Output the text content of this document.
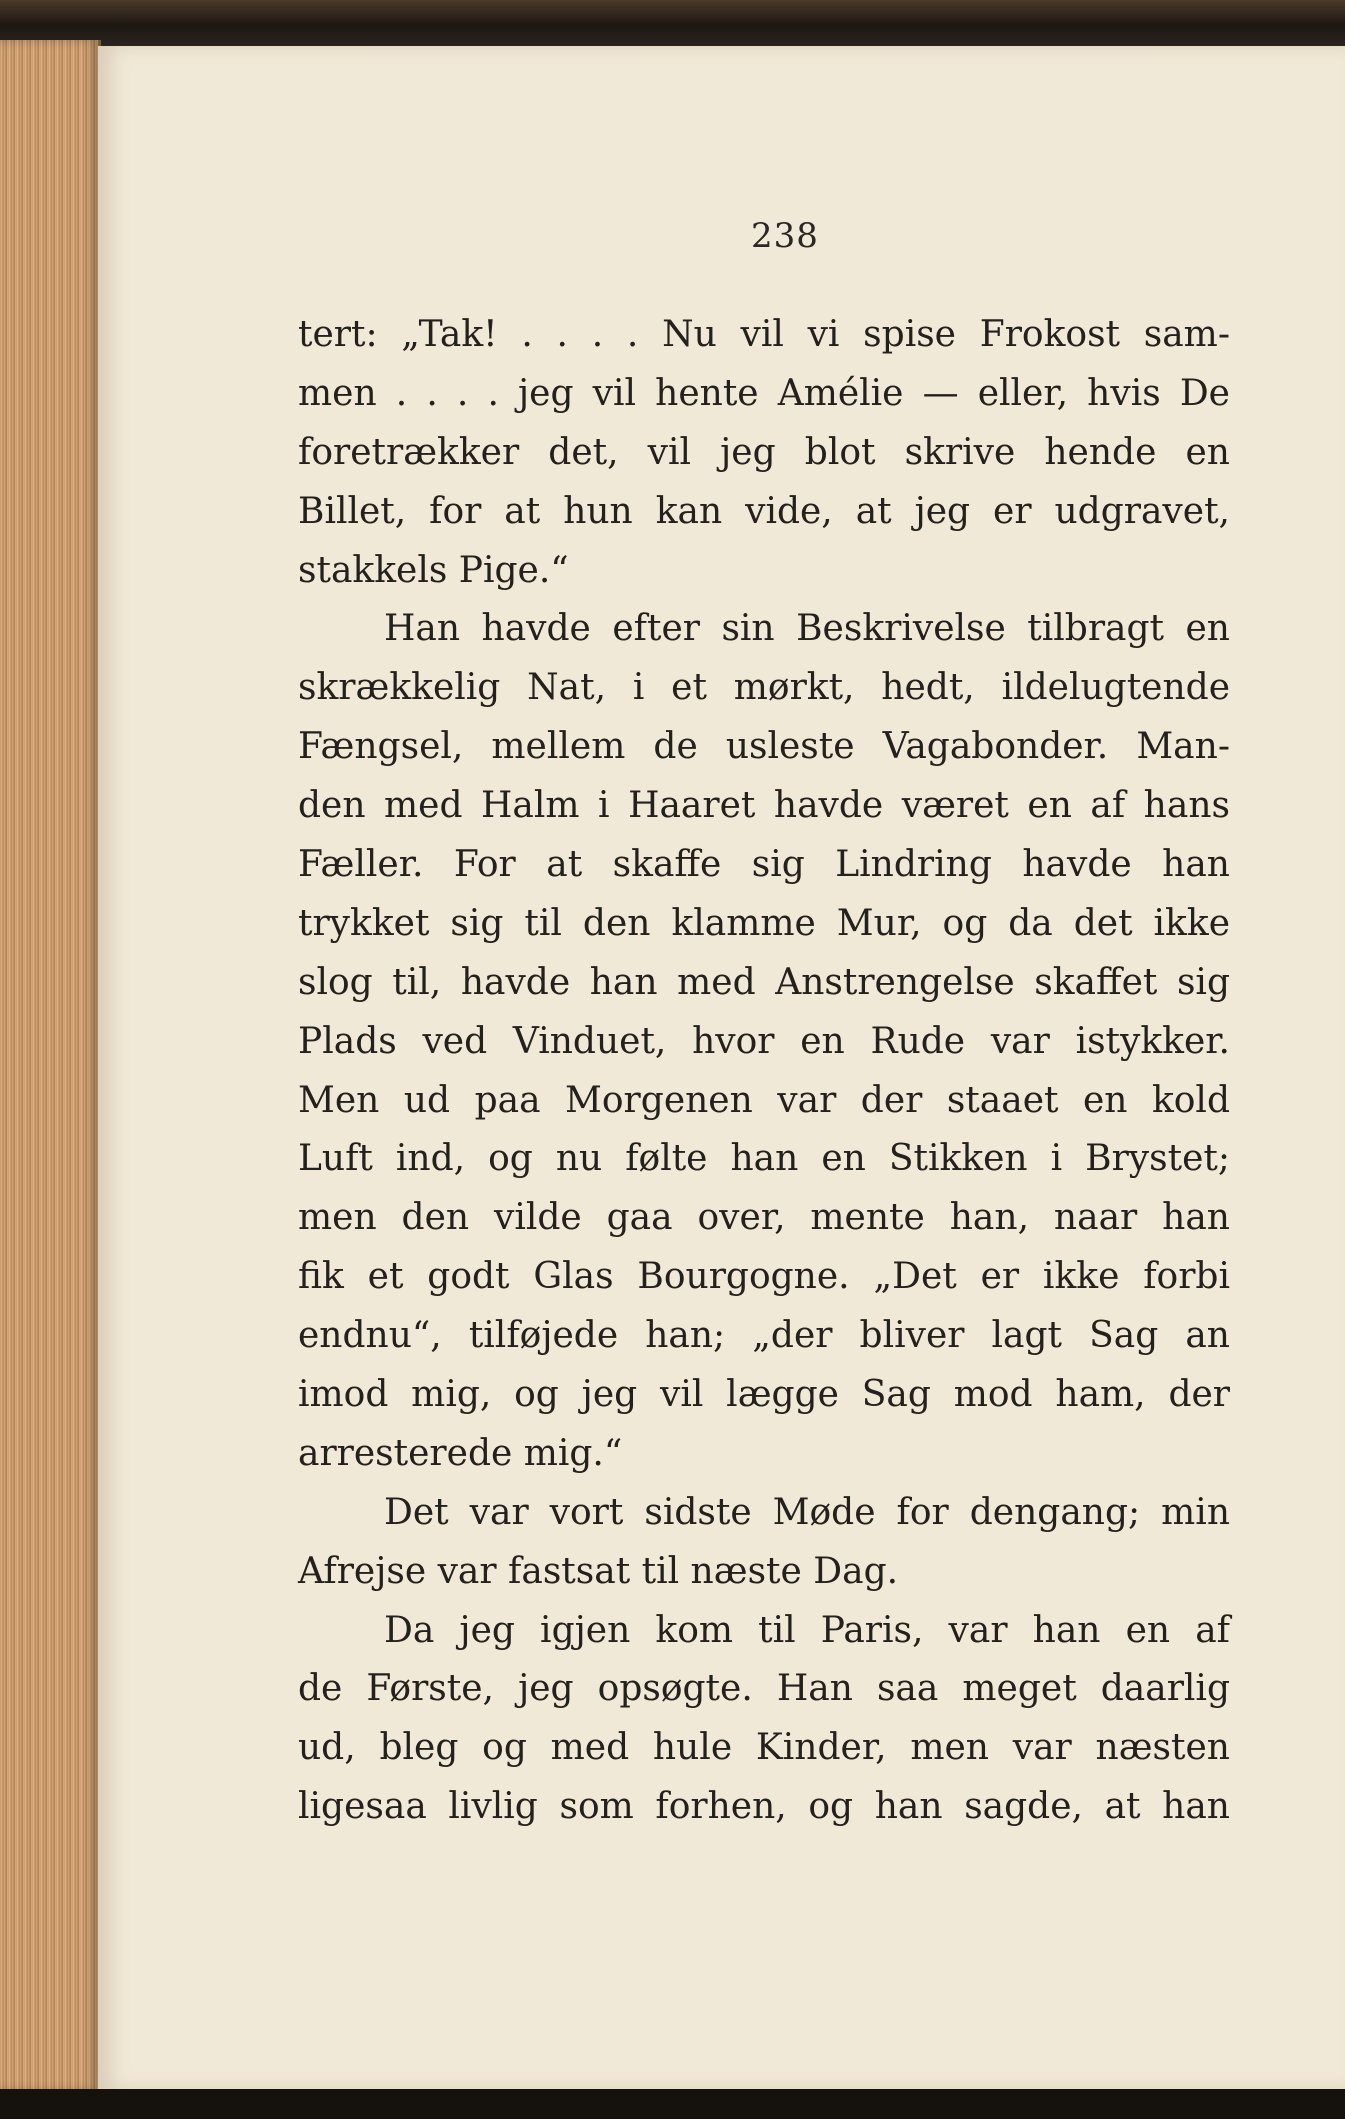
238
tert: „Tak! . . . . Nu vil vi spise Frokost sam-
men . . . . jeg vil hente Amélie — eller, hvis De
foretrækker det, vil jeg blot skrive hende en
Billet, for at hun kan vide, at jeg er udgravet,
stakkels Pige.“
Han havde efter sin Beskrivelse tilbragt en
skrækkelig Nat, i et mørkt, hedt, ildelugtende
Fængsel, mellem de usleste Vagabonder. Man-
den med Halm i Haaret havde været en af hans
Fæller. For at skaffe sig Lindring havde han
trykket sig til den klamme Mur, og da det ikke
slog til, havde han med Anstrengelse skaffet sig
Plads ved Vinduet, hvor en Rude var istykker.
Men ud paa Morgenen var der staaet en kold
Luft ind, og nu følte han en Stikken i Brystet;
men den vilde gaa over, mente han, naar han
fik et godt Glas Bourgogne. „Det er ikke forbi
endnu“, tilføjede han; „der bliver lagt Sag an
imod mig, og jeg vil lægge Sag mod ham, der
arresterede mig.“
Det var vort sidste Møde for dengang; min
Afrejse var fastsat til næste Dag.
Da jeg igjen kom til Paris, var han en af
de Første, jeg opsøgte. Han saa meget daarlig
ud, bleg og med hule Kinder, men var næsten
ligesaa livlig som forhen, og han sagde, at han
